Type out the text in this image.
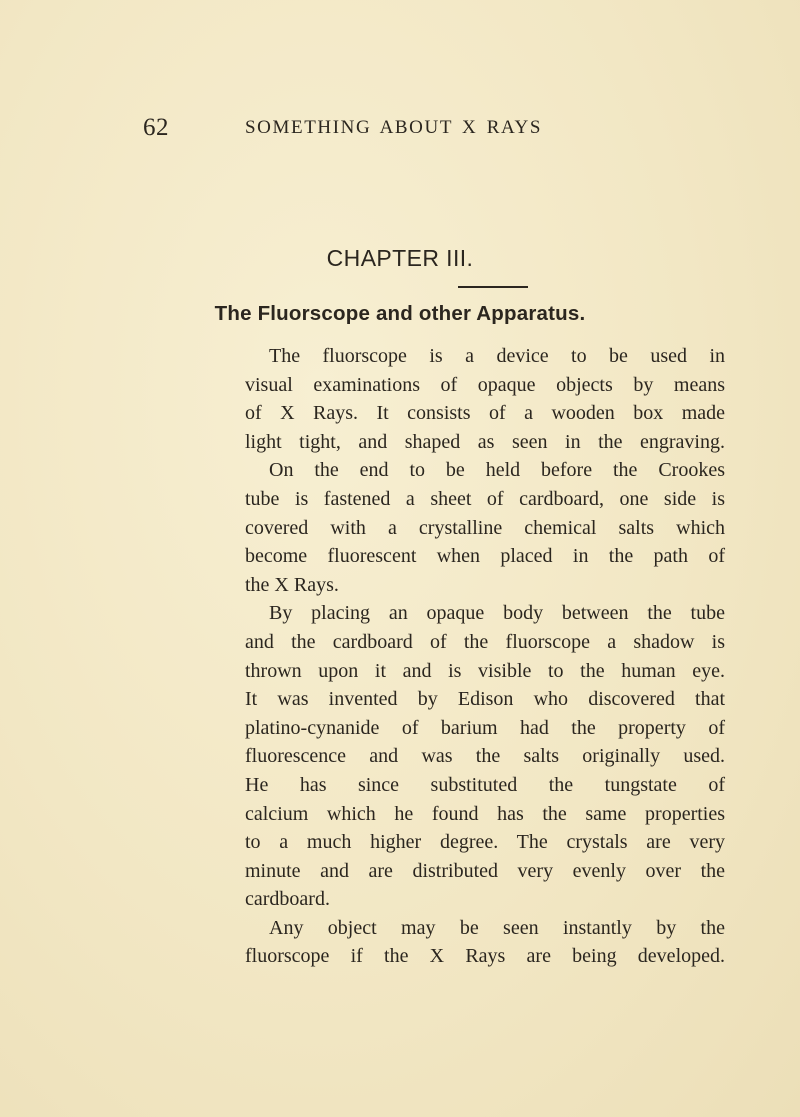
62	SOMETHING ABOUT X RAYS
CHAPTER III.
The Fluorscope and other Apparatus.
The fluorscope is a device to be used in
visual examinations of opaque objects by means
of X Rays. It consists of a wooden box made
light tight, and shaped as seen in the engraving.
On the end to be held before the Crookes
tube is fastened a sheet of cardboard, one side is
covered with a crystalline chemical salts which
become fluorescent when placed in the path of
the X Rays.
By placing an opaque body between the tube
and the cardboard of the fluorscope a shadow is
thrown upon it and is visible to the human eye.
It was invented by Edison who discovered that
platino-cynanide of barium had the property of
fluorescence and was the salts originally used.
He has since substituted the tungstate of
calcium which he found has the same properties
to a much higher degree. The crystals are very
minute and are distributed very evenly over the
cardboard.
Any object may be seen instantly by the
fluorscope if the X Rays are being developed.
